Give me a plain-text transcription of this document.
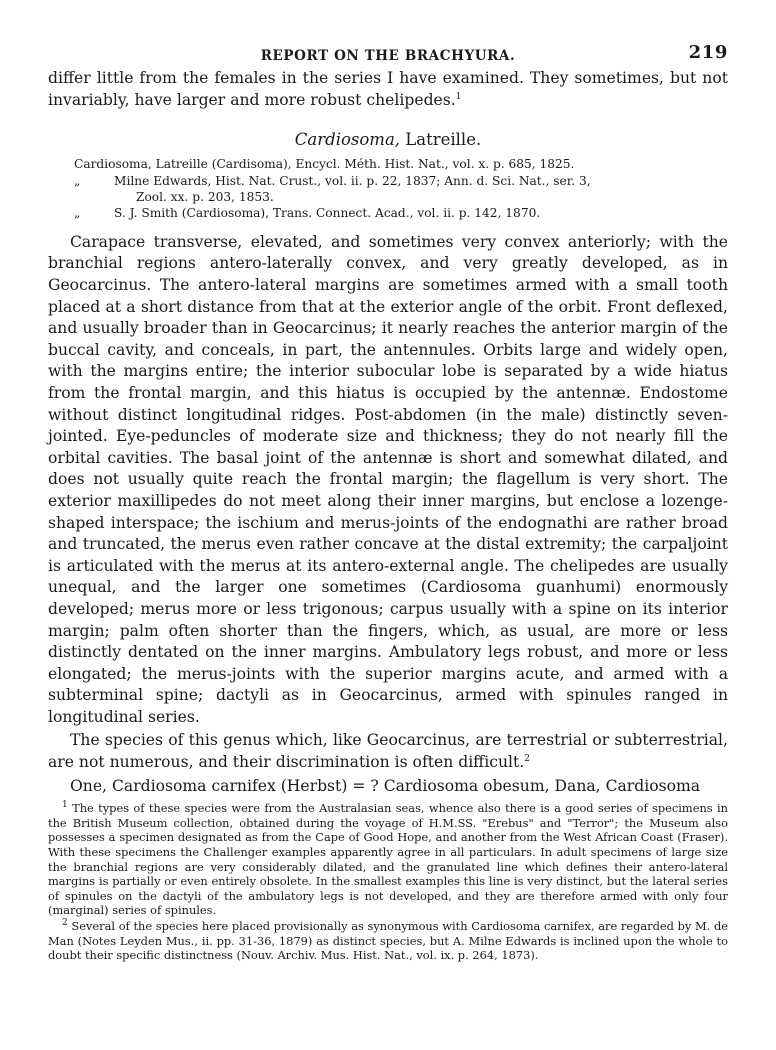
REPORT ON THE BRACHYURA.	219

differ little from the females in the series I have examined. They sometimes, but not invariably, have larger and more robust chelipedes.$^1$

Cardiosoma, Latreille.
Cardiosoma, Latreille (Cardisoma), Encycl. Méth. Hist. Nat., vol. x. p. 685, 1825.
„	Milne Edwards, Hist. Nat. Crust., vol. ii. p. 22, 1837; Ann. d. Sci. Nat., ser. 3,
Zool. xx. p. 203, 1853.
„	S. J. Smith (Cardiosoma), Trans. Connect. Acad., vol. ii. p. 142, 1870.

Carapace transverse, elevated, and sometimes very convex anteriorly; with the branchial regions antero-laterally convex, and very greatly developed, as in Geocarcinus. The antero-lateral margins are sometimes armed with a small tooth placed at a short distance from that at the exterior angle of the orbit. Front deflexed, and usually broader than in Geocarcinus; it nearly reaches the anterior margin of the buccal cavity, and conceals, in part, the antennules. Orbits large and widely open, with the margins entire; the interior subocular lobe is separated by a wide hiatus from the frontal margin, and this hiatus is occupied by the antennæ. Endostome without distinct longitudinal ridges. Post-abdomen (in the male) distinctly seven-jointed. Eye-peduncles of moderate size and thickness; they do not nearly fill the orbital cavities. The basal joint of the antennæ is short and somewhat dilated, and does not usually quite reach the frontal margin; the flagellum is very short. The exterior maxillipedes do not meet along their inner margins, but enclose a lozenge-shaped interspace; the ischium and merus-joints of the endognathi are rather broad and truncated, the merus even rather concave at the distal extremity; the carpaljoint is articulated with the merus at its antero-external angle. The chelipedes are usually unequal, and the larger one sometimes (Cardiosoma guanhumi) enormously developed; merus more or less trigonous; carpus usually with a spine on its interior margin; palm often shorter than the fingers, which, as usual, are more or less distinctly dentated on the inner margins. Ambulatory legs robust, and more or less elongated; the merus-joints with the superior margins acute, and armed with a subterminal spine; dactyli as in Geocarcinus, armed with spinules ranged in longitudinal series.

The species of this genus which, like Geocarcinus, are terrestrial or subterrestrial, are not numerous, and their discrimination is often difficult.$^2$

One, Cardiosoma carnifex (Herbst) = ? Cardiosoma obesum, Dana, Cardiosoma

$^1$ The types of these species were from the Australasian seas, whence also there is a good series of specimens in the British Museum collection, obtained during the voyage of H.M.SS. "Erebus" and "Terror"; the Museum also possesses a specimen designated as from the Cape of Good Hope, and another from the West African Coast (Fraser). With these specimens the Challenger examples apparently agree in all particulars. In adult specimens of large size the branchial regions are very considerably dilated, and the granulated line which defines their antero-lateral margins is partially or even entirely obsolete. In the smallest examples this line is very distinct, but the lateral series of spinules on the dactyli of the ambulatory legs is not developed, and they are therefore armed with only four (marginal) series of spinules.

$^2$ Several of the species here placed provisionally as synonymous with Cardiosoma carnifex, are regarded by M. de Man (Notes Leyden Mus., ii. pp. 31-36, 1879) as distinct species, but A. Milne Edwards is inclined upon the whole to doubt their specific distinctness (Nouv. Archiv. Mus. Hist. Nat., vol. ix. p. 264, 1873).
